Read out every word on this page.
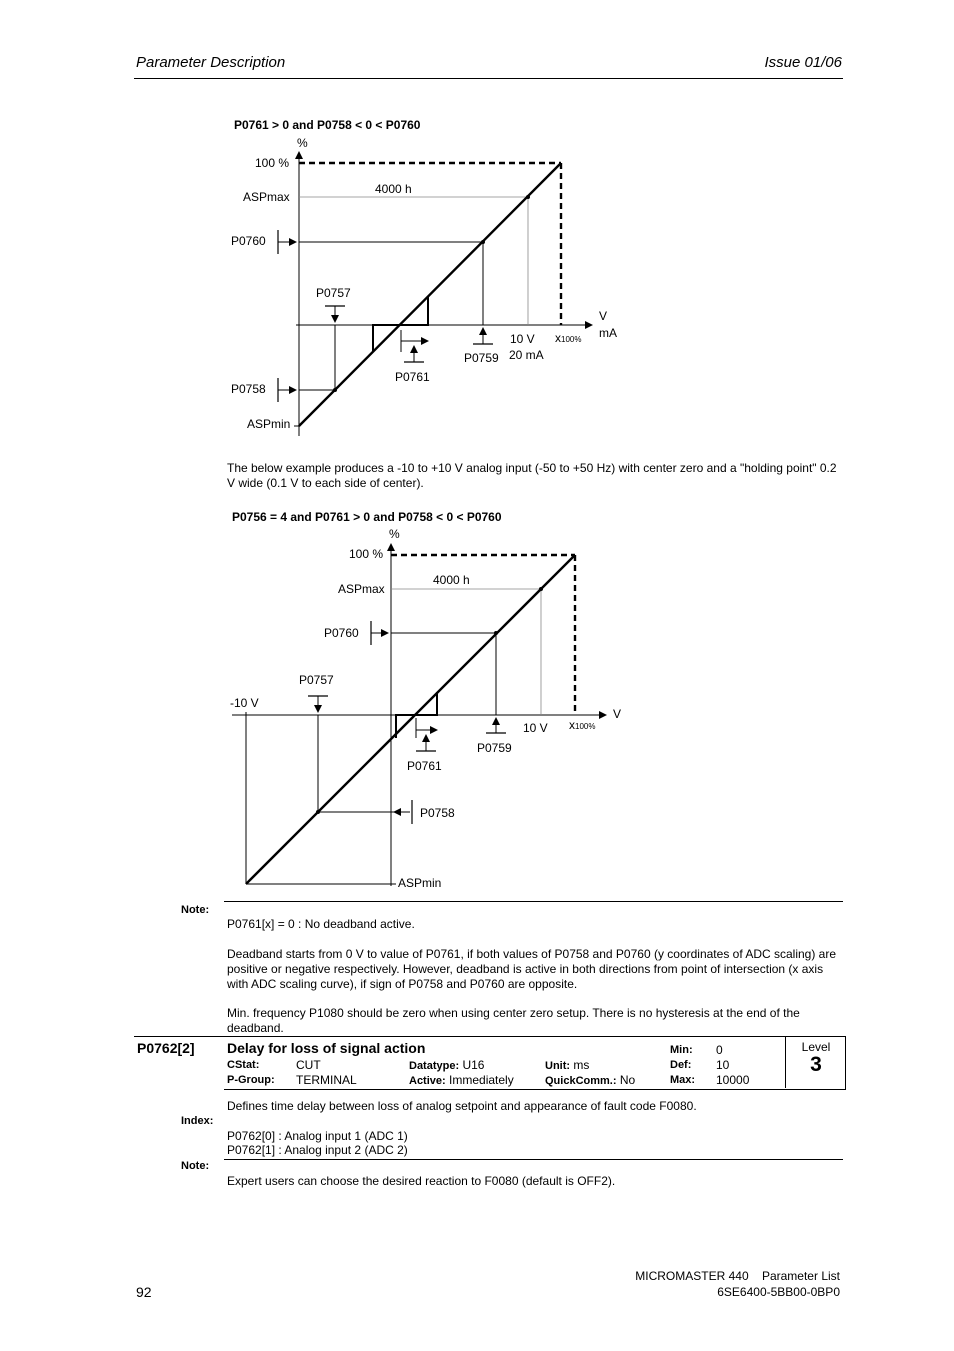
Parameter Description	Issue 01/06
P0761 > 0 and P0758 < 0 < P0760
%
100 %
ASPmax
4000 h
P0760
P0757
V
mA
10 V
20 mA
x100%
P0759
P0761
P0758
ASPmin
The below example produces a -10 to +10 V analog input (-50 to +50 Hz) with center zero and a "holding point" 0.2 V wide (0.1 V to each side of center).
P0756 = 4 and P0761 > 0 and P0758 < 0 < P0760
%
100 %
ASPmax
4000 h
P0760
P0757
-10 V
V
10 V x100%
P0759
P0761
P0758
ASPmin
Note:
P0761[x] = 0 : No deadband active.
Deadband starts from 0 V to value of P0761, if both values of P0758 and P0760 (y coordinates of ADC scaling) are positive or negative respectively. However, deadband is active in both directions from point of intersection (x axis with ADC scaling curve), if sign of P0758 and P0760 are opposite.
Min. frequency P1080 should be zero when using center zero setup. There is no hysteresis at the end of the deadband.
Level
3
P0762[2] Delay for loss of signal action
CStat:	CUT
P-Group: TERMINAL
Datatype: U16
Active: Immediately
Unit: ms
QuickComm.: No
Min: 0
Def: 10
Max: 10000
Defines time delay between loss of analog setpoint and appearance of fault code F0080.
Index:
P0762[0] : Analog input 1 (ADC 1)
P0762[1] : Analog input 2 (ADC 2)
Note:
Expert users can choose the desired reaction to F0080 (default is OFF2).
92
MICROMASTER 440    Parameter List
6SE6400-5BB00-0BP0
